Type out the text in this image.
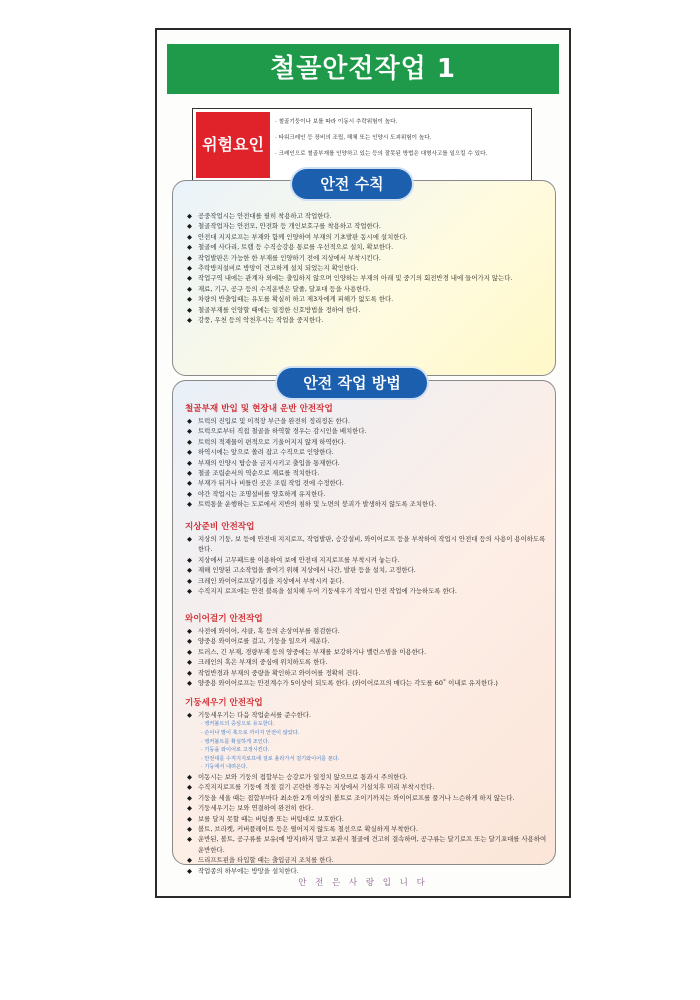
철골안전작업 1
위험요인
· 철골기둥이나 보를 따라 이동시 추락위험이 높다.
· 타워크레인 등 장비의 조립, 해체 또는 인양시 도괴위험이 높다.
· 크레인으로 철골부재를 인양하고 있는 등의 잘못된 방법은 대형사고를 일으킬 수 있다.
◆ 공중작업시는 안전대를 필히 착용하고 작업한다.
◆ 철골작업자는 안전모, 안전화 등 개인보호구를 착용하고 작업한다.
◆ 안전대 지지로프는 부재와 함께 인양하여 부재의 기초발판 동시에 설치한다.
◆ 철골에 사다리, 트랩 등 수직승강용 통로를 우선적으로 설치, 확보한다.
◆ 작업발판은 가능한 한 부재를 인양하기 전에 지상에서 부착시킨다.
◆ 추락방지설비로 방망이 견고하게 설치 되었는지 확인한다.
◆ 작업구역 내에는 관계자 외에는 출입하지 않으며 인양하는 부재의 아래 및 중기의 회전반경 내에 들어가지 않는다.
◆ 재료, 기구, 공구 등의 수직운반은 달줄, 달포대 등을 사용한다.
◆ 차량의 반출입때는 유도를 확실히 하고 제3자에게 피해가 없도록 한다.
◆ 철골부재를 인양할 때에는 일정한 신호방법을 정하여 한다.
◆ 강풍, 우천 등의 악천후시는 작업을 중지한다.
안전 수칙
철골부재 반입 및 현장내 운반 안전작업
◆ 트럭의 진입로 및 이적장 부근을 완전히 정리정돈 한다.
◆ 트럭으로부터 직접 철골을 하역할 경우는 감시인을 배치한다.
◆ 트럭의 적재물이 편적으로 기울어지지 않게 하역한다.
◆ 하역시에는 앞으로 쏠려 잡고 수직으로 인양한다.
◆ 부재의 인양시 탑승을 금지시키고 출입을 통제한다.
◆ 철골 조립순서의 역순으로 재료를 적치한다.
◆ 부재가 뒤거나 비틀린 곳은 조립 작업 전에 수정한다.
◆ 야간 작업시는 조명설비를 양호하게 유지한다.
◆ 트럭통을 운행하는 도로에서 지반의 침하 및 노면의 붕괴가 발생하지 않도록 조치한다.
지상준비 안전작업
◆ 지상의 기둥, 보 등에 안전대 지지로프, 작업발판, 승강설비, 와이어로프 등을 부착하여 작업시 안전대 등의 사용이 용이하도록 한다.
◆ 지상에서 고무패드를 이용하여 보에 안전대 지지로프를 부착시켜 놓는다.
◆ 재해 인양된 고소작업을 줄이기 위해 지상에서 나간, 발판 등을 설치, 고정한다.
◆ 크레인 와이어로프달기집을 지상에서 부착시켜 둔다.
◆ 수직지지 로프에는 안전 블록을 설치해 두어 기둥세우기 작업시 안전 작업에 가능하도록 한다.
와이어걸기 안전작업
◆ 사전에 와이어, 샤클, 훅 등의 손상여부를 점검한다.
◆ 양중용 와이어로를 걸고, 기둥을 일으켜 세운다.
◆ 트러스, 긴 부재, 경량부재 등의 양중에는 부재를 보강하거나 밸런스빔을 이용한다.
◆ 크레인의 훅은 부재의 중심에 위치하도록 한다.
◆ 작업반경과 부재의 중량을 확인하고 와이어를 정확히 건다.
◆ 양중용 와이어로프는 안전계수가 5이상이 되도록 한다. (와이어로프의 매다는 각도를 60˚ 이내로 유지한다.)
기둥세우기 안전작업
◆ 기둥세우기는 다음 작업순서를 준수한다.
· 앵커볼트의 중심으로 유도한다.
· 손이나 발이 훅으로 끼이지 안전이 않았다.
· 앵커볼트를 확실하게 조인다.
· 기둥을 와이어로 고정시킨다.
· 안전대를 수직지지로프에 걸로 올라가서 걸기와이어를 푼다.
· 기둥에서 내려온다.
◆ 이동시는 보와 기둥의 접합부는 승강로가 일정치 않으므로 통과시 주의한다.
◆ 수직지지로프를 기둥에 적절 걸기 곤란한 경우는 지상에서 기설치후 미리 부착시킨다.
◆ 기둥을 세울 때는 접합부마다 최소한 2개 이상의 볼트로 조이기까지는 와이어로프를 풀거나 느슨하게 하지 않는다.
◆ 기둥세우기는 보와 연결하여 완전히 한다.
◆ 보를 달지 못할 때는 버팀줄 또는 버팀대로 보호한다.
◆ 볼트, 브라켓, 커버플레이트 등은 떨어지지 않도록 철선으로 확실하게 부착한다.
◆ 운반된, 볼트, 공구류를 보유(예 방지)하지 말고 보관시 철골에 견고히 결속하며, 공구류는 달기로프 또는 달기포대를 사용하여 운반한다.
◆ 드리프트핀을 타입할 때는 출입금지 조치를 한다.
◆ 작업종의 하부에는 방망을 설치한다.
안전 작업 방법
안 전 은 사 랑 입 니 다
